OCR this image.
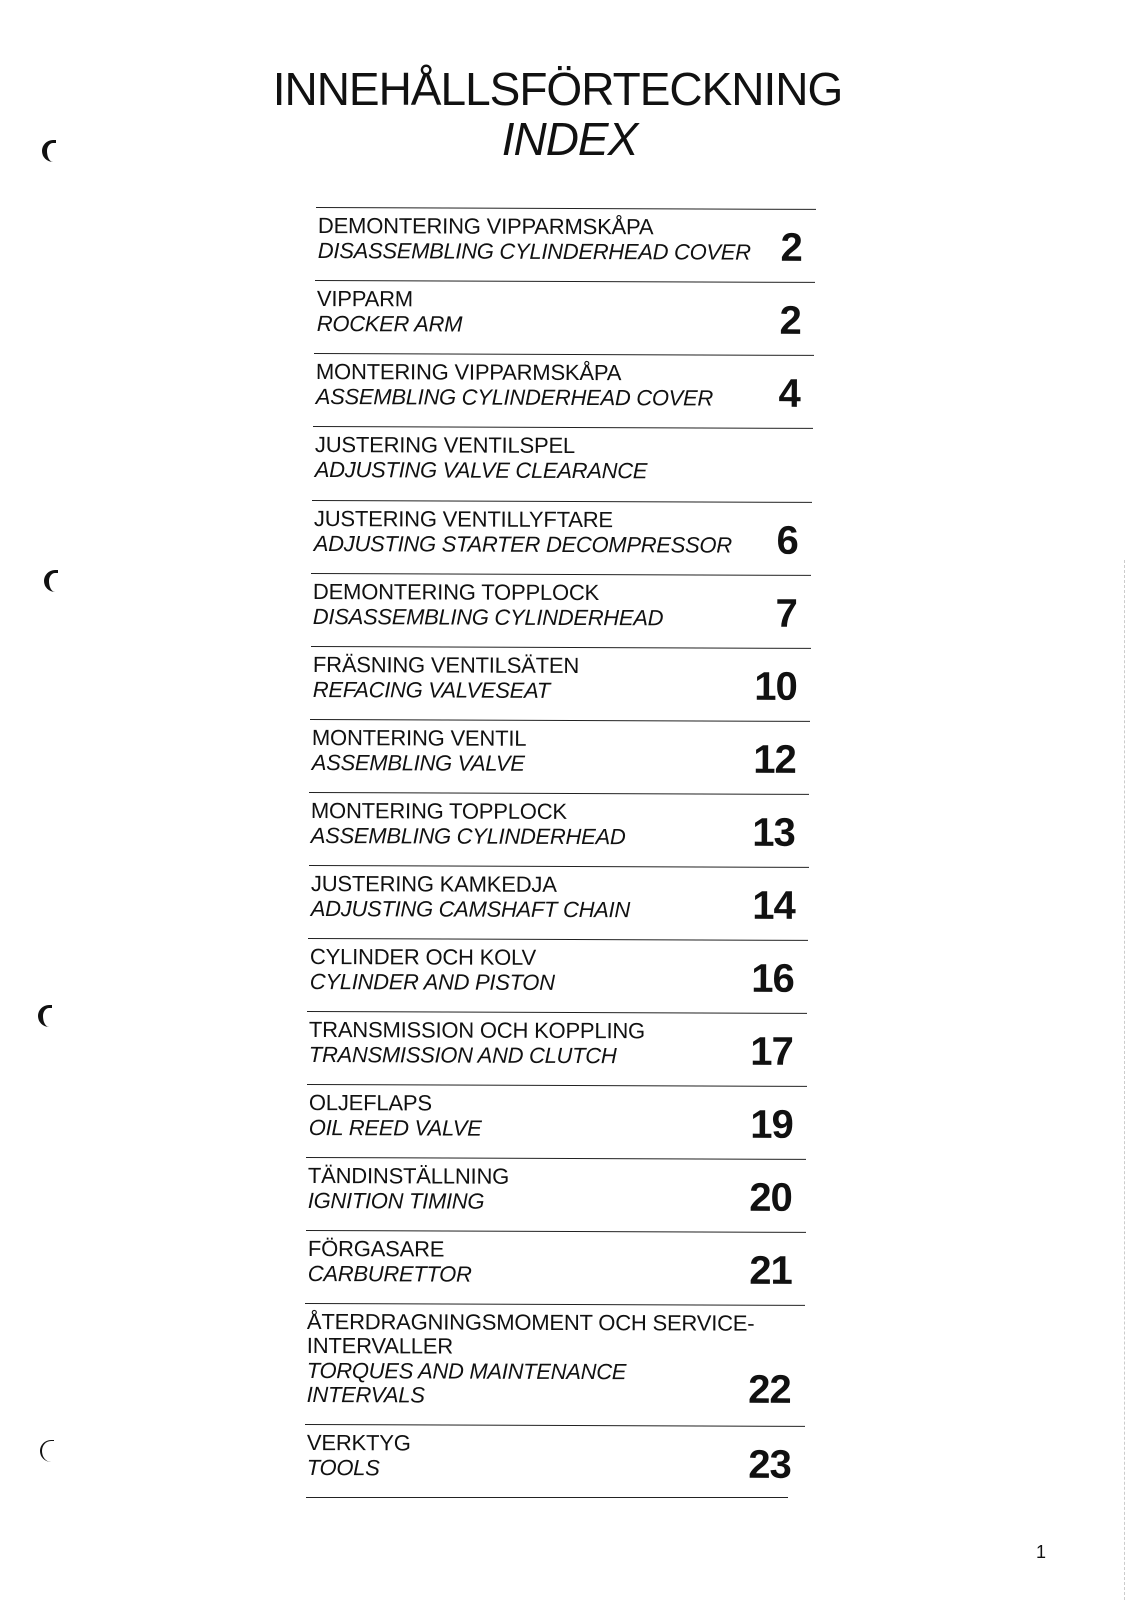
INNEHÅLLSFÖRTECKNING
INDEX
DEMONTERING VIPPARMSKÅPA
DISASSEMBLING CYLINDERHEAD COVER 2
VIPPARM
ROCKER ARM	2
MONTERING VIPPARMSKÅPA
ASSEMBLING CYLINDERHEAD COVER 4
JUSTERING VENTILSPEL
ADJUSTING VALVE CLEARANCE
JUSTERING VENTILLYFTARE
ADJUSTING STARTER DECOMPRESSOR 6
DEMONTERING TOPPLOCK
DISASSEMBLING CYLINDERHEAD	7
FRÄSNING VENTILSÄTEN
REFACING VALVESEAT	10
MONTERING VENTIL
ASSEMBLING VALVE	12
MONTERING TOPPLOCK
ASSEMBLING CYLINDERHEAD	13
JUSTERING KAMKEDJA
ADJUSTING CAMSHAFT CHAIN	14
CYLINDER OCH KOLV
CYLINDER AND PISTON	16
TRANSMISSION OCH KOPPLING
TRANSMISSION AND CLUTCH	17
OLJEFLAPS
OIL REED VALVE	19
TÄNDINSTÄLLNING
IGNITION TIMING	20
FÖRGASARE
CARBURETTOR	21
ÅTERDRAGNINGSMOMENT OCH SERVICE-INTERVALLER
TORQUES AND MAINTENANCE INTERVALS	22
VERKTYG
TOOLS	23
1
